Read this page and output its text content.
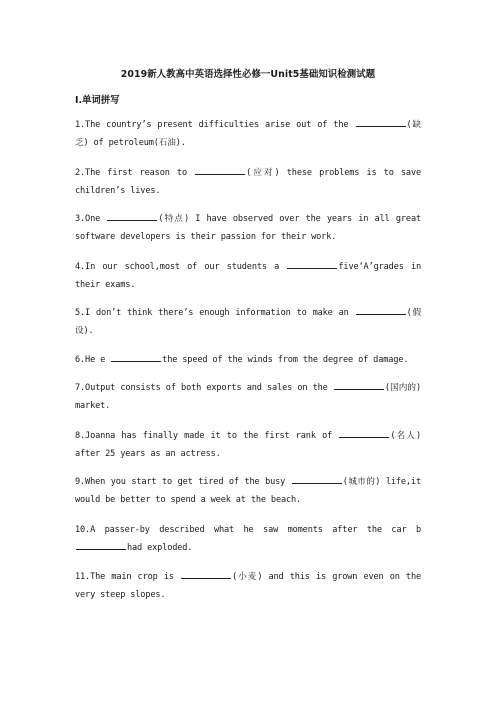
2019新人教高中英语选择性必修一Unit5基础知识检测试题
Ⅰ.单词拼写
1.The country’s present difficulties arise out of the	(缺乏) of petroleum(石油).
2.The first reason to	(应对) these problems is to save children’s lives.
3.One	(特点) I have observed over the years in all great software developers is their passion for their work.
4.In our school,most of our students a	five‘A’grades in their exams.
5.I don’t think there’s enough information to make an	(假设).
6.He e	the speed of the winds from the degree of damage.
7.Output consists of both exports and sales on the	(国内的) market.
8.Joanna has finally made it to the first rank of	(名人) after 25 years as an actress.
9.When you start to get tired of the busy	(城市的) life,it would be better to spend a week at the beach.
10.A passer-by described what he saw moments after the car b had exploded.
11.The main crop is	(小麦) and this is grown even on the very steep slopes.
